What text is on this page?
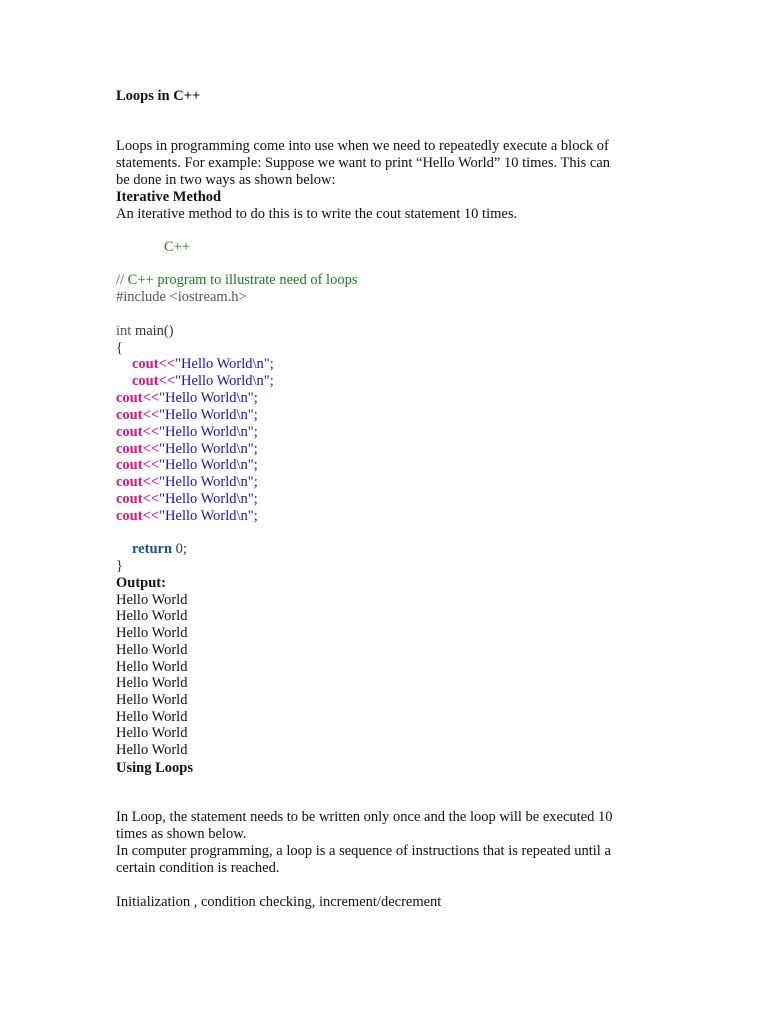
Loops in C++
Loops in programming come into use when we need to repeatedly execute a block of
statements. For example: Suppose we want to print “Hello World” 10 times. This can
be done in two ways as shown below:
Iterative Method
An iterative method to do this is to write the cout statement 10 times.
C++
// C++ program to illustrate need of loops
#include <iostream.h>
int main()
{
cout<<"Hello World\n";
cout<<"Hello World\n";
cout<<"Hello World\n";
cout<<"Hello World\n";
cout<<"Hello World\n";
cout<<"Hello World\n";
cout<<"Hello World\n";
cout<<"Hello World\n";
cout<<"Hello World\n";
cout<<"Hello World\n";
return 0;
}
Output:
Hello World
Hello World
Hello World
Hello World
Hello World
Hello World
Hello World
Hello World
Hello World
Hello World
Using Loops
In Loop, the statement needs to be written only once and the loop will be executed 10
times as shown below.
In computer programming, a loop is a sequence of instructions that is repeated until a
certain condition is reached.
Initialization , condition checking, increment/decrement
